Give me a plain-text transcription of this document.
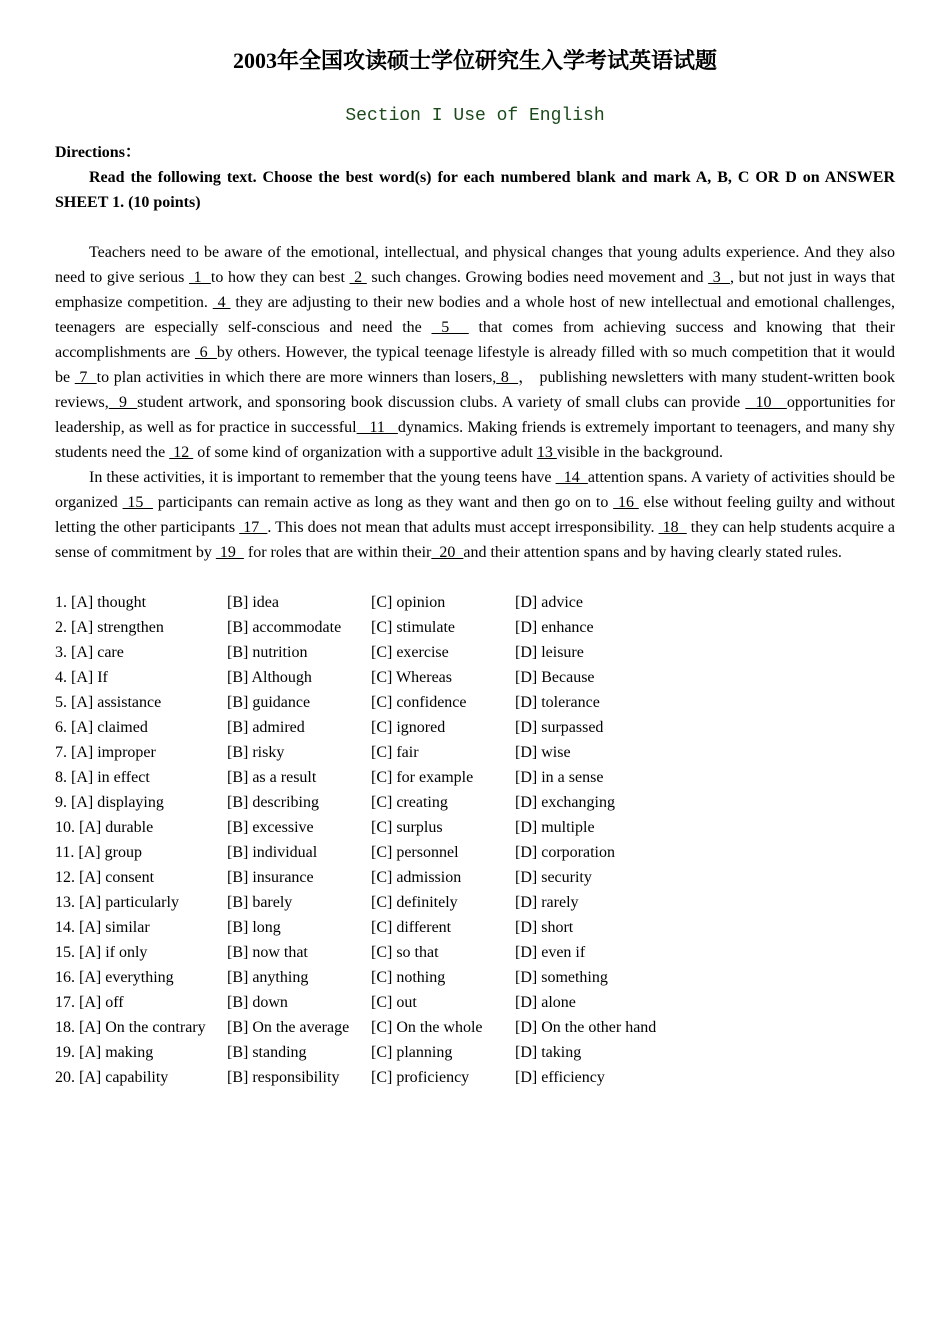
2003年全国攻读硕士学位研究生入学考试英语试题
Section I Use of English
Directions：
Read the following text. Choose the best word(s) for each numbered blank and mark A, B, C OR D on ANSWER SHEET 1. (10 points)

Teachers need to be aware of the emotional, intellectual, and physical changes that young adults experience. And they also need to give serious  1  to how they can best  2  such changes. Growing bodies need movement and  3  , but not just in ways that emphasize competition.  4  they are adjusting to their new bodies and a whole host of new intellectual and emotional challenges, teenagers are especially self-conscious and need the  5   that comes from achieving success and knowing that their accomplishments are  6  by others. However, the typical teenage lifestyle is already filled with so much competition that it would be  7  to plan activities in which there are more winners than losers, 8  ， publishing newsletters with many student-written book reviews,  9  student artwork, and sponsoring book discussion clubs. A variety of small clubs can provide   10   opportunities for leadership, as well as for practice in successful   11   dynamics. Making friends is extremely important to teenagers, and many shy students need the  12  of some kind of organization with a supportive adult 13 visible in the background.

In these activities, it is important to remember that the young teens have   14  attention spans. A variety of activities should be organized  15   participants can remain active as long as they want and then go on to  16  else without feeling guilty and without letting the other participants  17  . This does not mean that adults must accept irresponsibility.  18   they can help students acquire a sense of commitment by  19   for roles that are within their  20  and their attention spans and by having clearly stated rules.

1. [A] thought	[B] idea	[C] opinion	[D] advice
2. [A] strengthen	[B] accommodate	[C] stimulate	[D] enhance
3. [A] care	[B] nutrition	[C] exercise	[D] leisure
4. [A] If	[B] Although	[C] Whereas	[D] Because
5. [A] assistance	[B] guidance	[C] confidence	[D] tolerance
6. [A] claimed	[B] admired	[C] ignored	[D] surpassed
7. [A] improper	[B] risky	[C] fair	[D] wise
8. [A] in effect	[B] as a result	[C] for example	[D] in a sense
9. [A] displaying	[B] describing	[C] creating	[D] exchanging
10. [A] durable	[B] excessive	[C] surplus	[D] multiple
11. [A] group	[B] individual	[C] personnel	[D] corporation
12. [A] consent	[B] insurance	[C] admission	[D] security
13. [A] particularly	[B] barely	[C] definitely	[D] rarely
14. [A] similar	[B] long	[C] different	[D] short
15. [A] if only	[B] now that	[C] so that	[D] even if
16. [A] everything	[B] anything	[C] nothing	[D] something
17. [A] off	[B] down	[C] out	[D] alone
18. [A] On the contrary	[B] On the average	[C] On the whole	[D] On the other hand
19. [A] making	[B] standing	[C] planning	[D] taking
20. [A] capability	[B] responsibility	[C] proficiency	[D] efficiency
